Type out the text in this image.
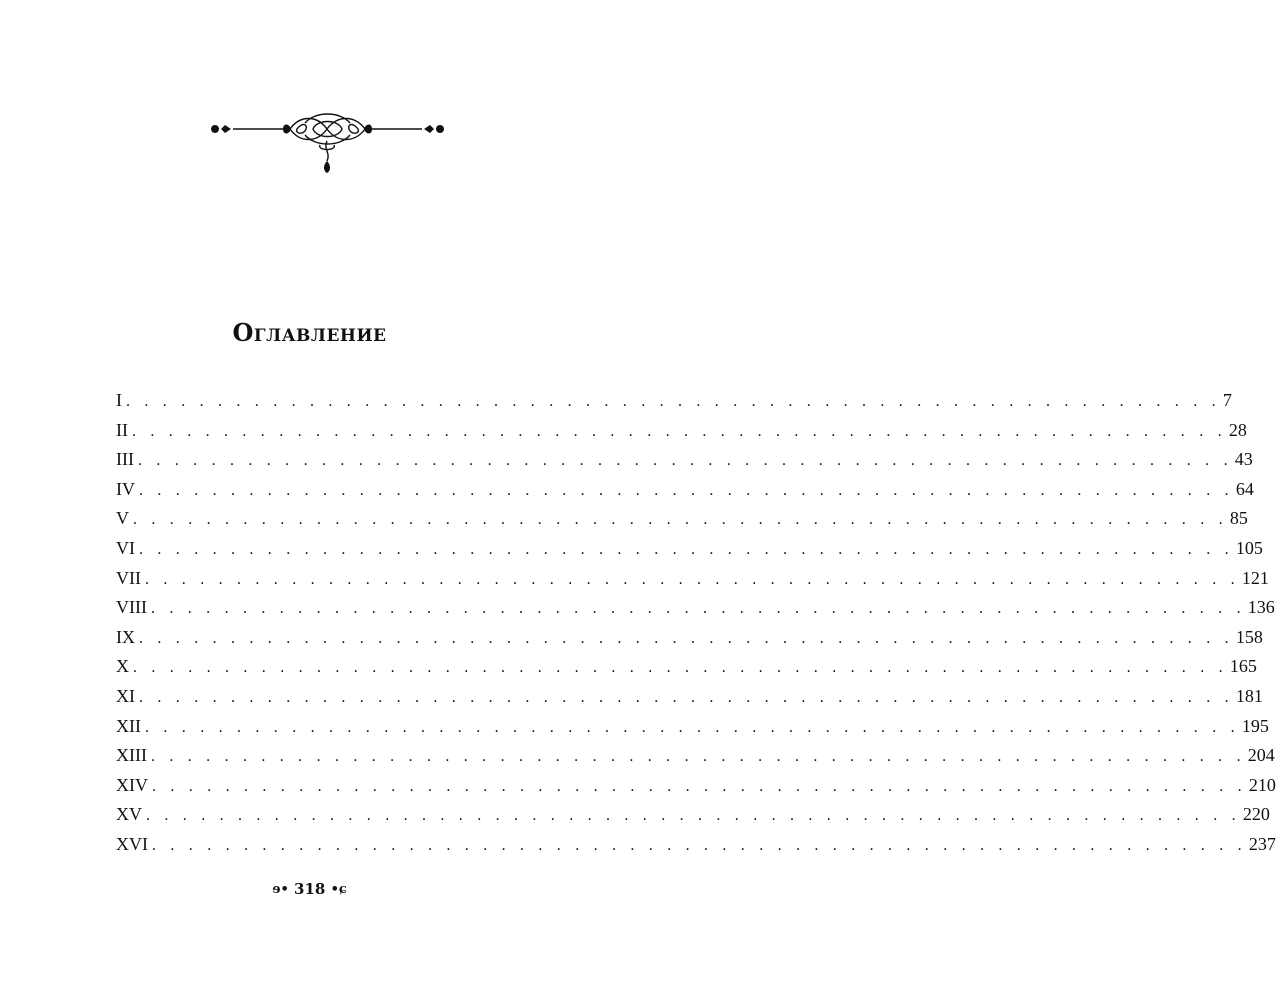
Оглавление
I . . . . . . . . . . . . . . . . . . . . . . . . . . . . . . . . . . . . . . . . . . . . . . . . . . . . . . . . . . . . 7
II . . . . . . . . . . . . . . . . . . . . . . . . . . . . . . . . . . . . . . . . . . . . . . . . . . . . . . . . . . . . 28
III . . . . . . . . . . . . . . . . . . . . . . . . . . . . . . . . . . . . . . . . . . . . . . . . . . . . . . . . . . . . 43
IV . . . . . . . . . . . . . . . . . . . . . . . . . . . . . . . . . . . . . . . . . . . . . . . . . . . . . . . . . . . . 64
V . . . . . . . . . . . . . . . . . . . . . . . . . . . . . . . . . . . . . . . . . . . . . . . . . . . . . . . . . . . . 85
VI . . . . . . . . . . . . . . . . . . . . . . . . . . . . . . . . . . . . . . . . . . . . . . . . . . . . . . . . . . . . 105
VII . . . . . . . . . . . . . . . . . . . . . . . . . . . . . . . . . . . . . . . . . . . . . . . . . . . . . . . . . . . . 121
VIII . . . . . . . . . . . . . . . . . . . . . . . . . . . . . . . . . . . . . . . . . . . . . . . . . . . . . . . . . . . . 136
IX . . . . . . . . . . . . . . . . . . . . . . . . . . . . . . . . . . . . . . . . . . . . . . . . . . . . . . . . . . . . 158
X . . . . . . . . . . . . . . . . . . . . . . . . . . . . . . . . . . . . . . . . . . . . . . . . . . . . . . . . . . . . 165
XI . . . . . . . . . . . . . . . . . . . . . . . . . . . . . . . . . . . . . . . . . . . . . . . . . . . . . . . . . . . . 181
XII . . . . . . . . . . . . . . . . . . . . . . . . . . . . . . . . . . . . . . . . . . . . . . . . . . . . . . . . . . . . 195
XIII . . . . . . . . . . . . . . . . . . . . . . . . . . . . . . . . . . . . . . . . . . . . . . . . . . . . . . . . . . . . 204
XIV . . . . . . . . . . . . . . . . . . . . . . . . . . . . . . . . . . . . . . . . . . . . . . . . . . . . . . . . . . . . 210
XV . . . . . . . . . . . . . . . . . . . . . . . . . . . . . . . . . . . . . . . . . . . . . . . . . . . . . . . . . . . . 220
XVI . . . . . . . . . . . . . . . . . . . . . . . . . . . . . . . . . . . . . . . . . . . . . . . . . . . . . . . . . . . . 237
ɘ• 318 •ɕ
